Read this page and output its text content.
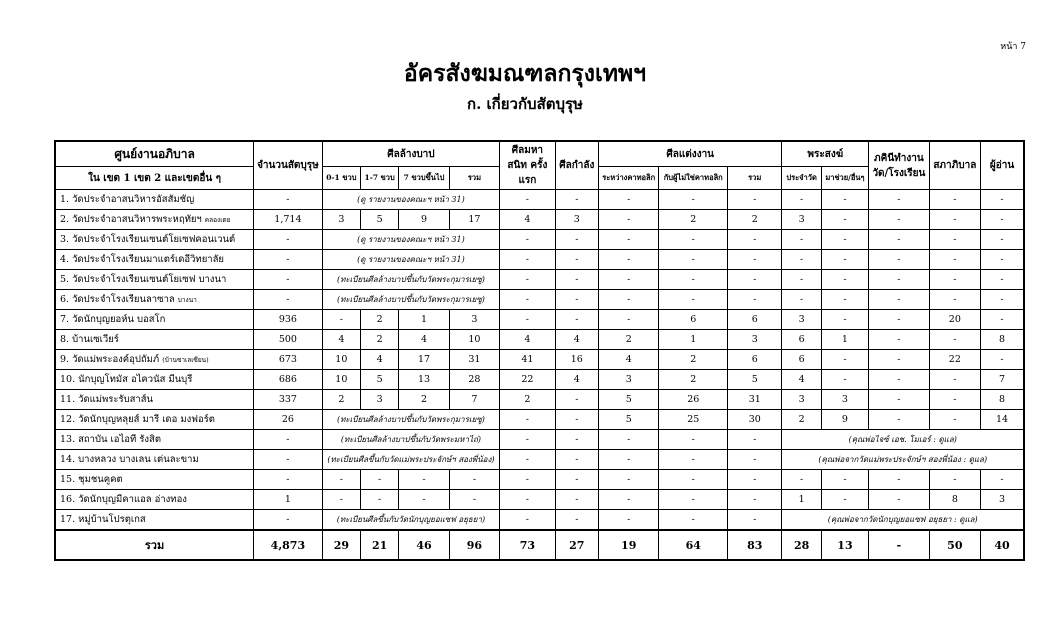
หน้า 7
อัครสังฆมณฑลกรุงเทพฯ
ก. เกี่ยวกับสัตบุรุษ
ศูนย์งานอภิบาล	จำนวนสัตบุรุษ	ศีลล้างบาป				ศีลมหาสนิท ครั้งแรก	ศีลกำลัง	ศีลแต่งงาน			พระสงฆ์		ภคินีทำงาน วัด/โรงเรียน	สภาภิบาล	ผู้อ่าน
ใน เขต 1 เขต 2 และเขตอื่น ๆ		0-1 ขวบ	1-7 ขวบ	7 ขวบขึ้นไป	รวม			ระหว่างคาทอลิก	กับผู้ไม่ใช่คาทอลิก	รวม	ประจำวัด	มาช่วย/อื่นๆ			
1. วัดประจำอาสนวิหารอัสสัมชัญ	-	(ดู รายงานของคณะฯ หน้า 31)				-	-	-	-	-	-	-	-	-	-
2. วัดประจำอาสนวิหารพระหฤทัยฯ คลองเตย	1,714	3	5	9	17	4	3	-	2	2	3	-	-	-	-
3. วัดประจำโรงเรียนเซนต์โยเซฟคอนเวนต์	-	(ดู รายงานของคณะฯ หน้า 31)				-	-	-	-	-	-	-	-	-	-
4. วัดประจำโรงเรียนมาแตร์เดอีวิทยาลัย	-	(ดู รายงานของคณะฯ หน้า 31)				-	-	-	-	-	-	-	-	-	-
5. วัดประจำโรงเรียนเซนต์โยเซฟ บางนา	-	(ทะเบียนศีลล้างบาปขึ้นกับวัดพระกุมารเยซู)				-	-	-	-	-	-	-	-	-	-
6. วัดประจำโรงเรียนลาซาล บางนา	-	(ทะเบียนศีลล้างบาปขึ้นกับวัดพระกุมารเยซู)				-	-	-	-	-	-	-	-	-	-
7. วัดนักบุญยอห์น บอสโก	936	-	2	1	3	-	-	-	6	6	3	-	-	20	-
8. บ้านเซเวียร์	500	4	2	4	10	4	4	2	1	3	6	1	-	-	8
9. วัดแม่พระองค์อุปถัมภ์ (บ้านซาเลเซียน)	673	10	4	17	31	41	16	4	2	6	6	-	-	22	-
10. นักบุญโทมัส อไควนัส มีนบุรี	686	10	5	13	28	22	4	3	2	5	4	-	-	-	7
11. วัดแม่พระรับสาส์น	337	2	3	2	7	2	-	5	26	31	3	3	-	-	8
12. วัดนักบุญหลุยส์ มารี เดอ มงฟอร์ต	26	(ทะเบียนศีลล้างบาปขึ้นกับวัดพระกุมารเยซู)				-	-	5	25	30	2	9	-	-	14
13. สถาบัน เอไอที รังสิต	-	(ทะเบียนศีลล้างบาปขึ้นกับวัดพระมหาไถ่)				-	-	-	-	-	(คุณพ่อไจซ์ เอช. โมเอร์ : ดูแล)				
14. บางหลวง บางเลน เต่นละขาม	-	(ทะเบียนศีลขึ้นกับวัดแม่พระประจักษ์ฯ สองพี่น้อง)				-	-	-	-	-	(คุณพ่อจากวัดแม่พระประจักษ์ฯ สองพี่น้อง : ดูแล)				
15. ชุมชนคูคต	-	-	-	-	-	-	-	-	-	-	-	-	-	-	-
16. วัดนักบุญมีคาแอล อ่างทอง	1	-	-	-	-	-	-	-	-	-	1	-	-	8	3
17. หมู่บ้านโปรตุเกส	-	(ทะเบียนศีลขึ้นกับวัดนักบุญยอแซฟ อยุธยา)				-	-	-	-	-	(คุณพ่อจากวัดนักบุญยอแซฟ อยุธยา : ดูแล)				
รวม	4,873	29	21	46	96	73	27	19	64	83	28	13	-	50	40
